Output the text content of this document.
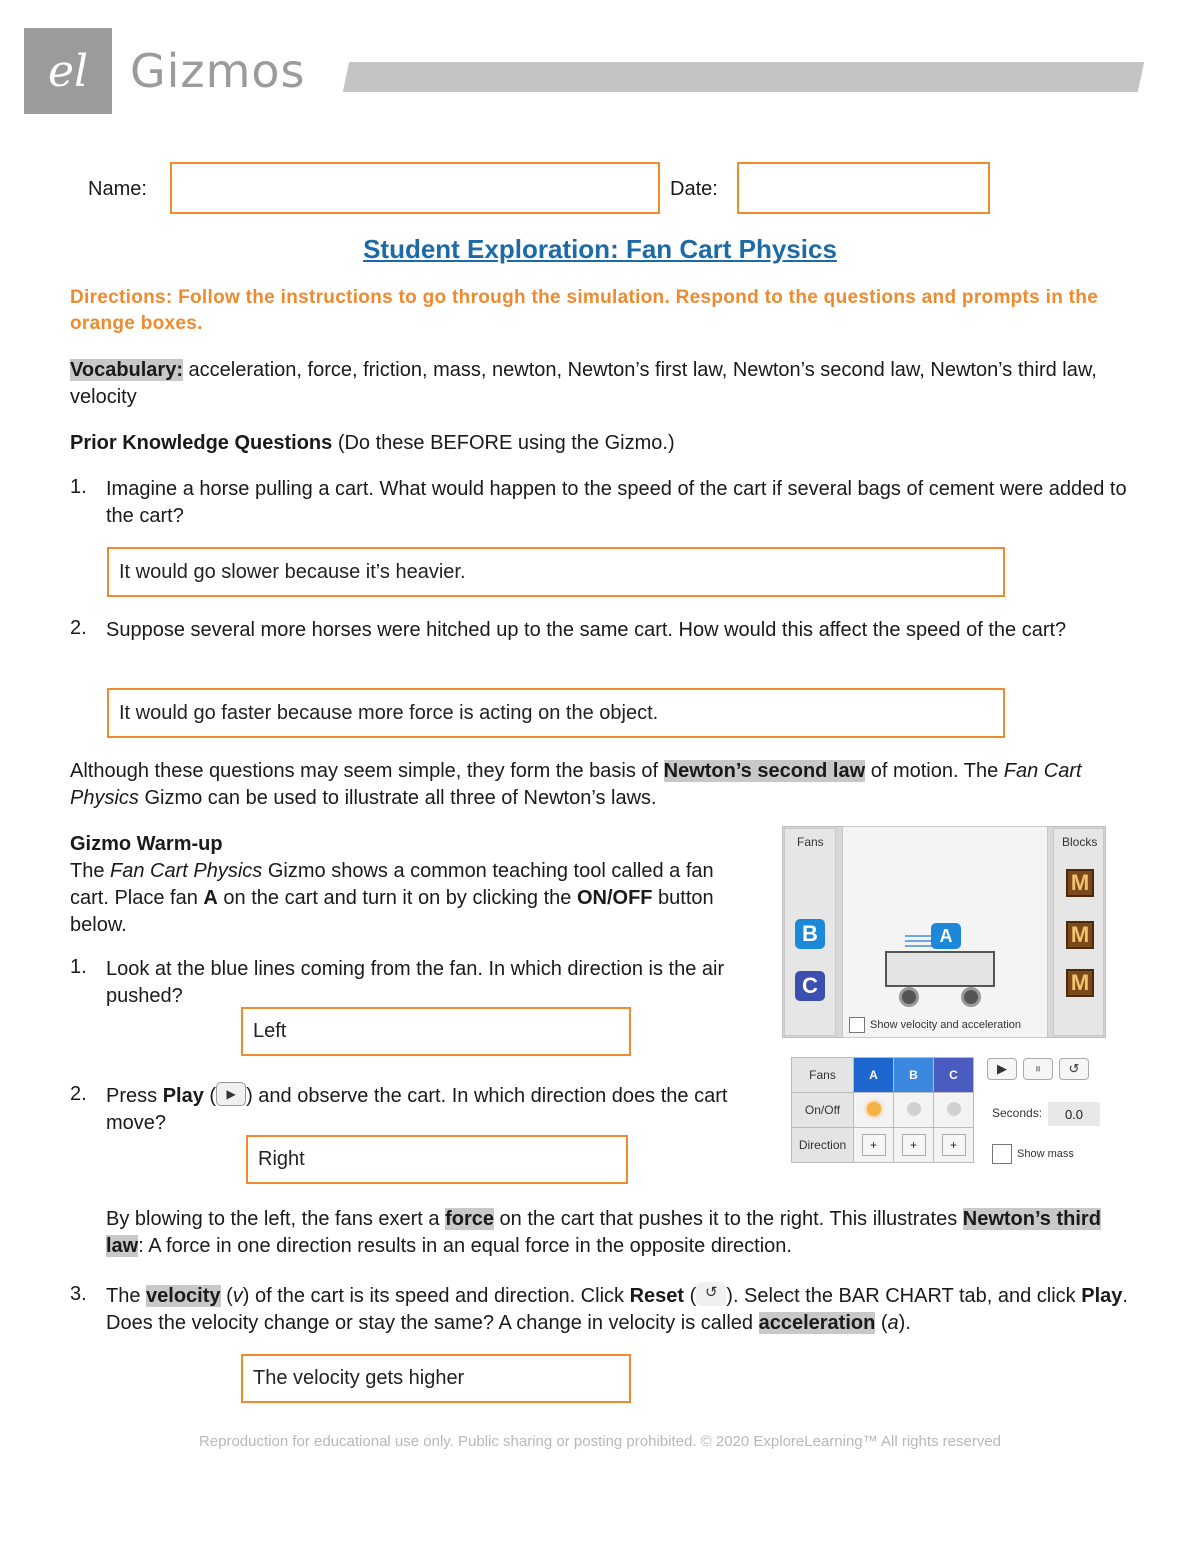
el Gizmos
Name:	Date:
Student Exploration: Fan Cart Physics
Directions: Follow the instructions to go through the simulation. Respond to the questions and prompts in the orange boxes.
Vocabulary: acceleration, force, friction, mass, newton, Newton’s first law, Newton’s second law, Newton’s third law, velocity
Prior Knowledge Questions (Do these BEFORE using the Gizmo.)
1. Imagine a horse pulling a cart. What would happen to the speed of the cart if several bags of cement were added to the cart?
It would go slower because it’s heavier.
2. Suppose several more horses were hitched up to the same cart. How would this affect the speed of the cart?
It would go faster because more force is acting on the object.
Although these questions may seem simple, they form the basis of Newton’s second law of motion. The Fan Cart Physics Gizmo can be used to illustrate all three of Newton’s laws.
Gizmo Warm-up
The Fan Cart Physics Gizmo shows a common teaching tool called a fan cart. Place fan A on the cart and turn it on by clicking the ON/OFF button below.
1. Look at the blue lines coming from the fan. In which direction is the air pushed?
Left
2. Press Play ( ▶ ) and observe the cart. In which direction does the cart move?
Right
By blowing to the left, the fans exert a force on the cart that pushes it to the right. This illustrates Newton’s third law: A force in one direction results in an equal force in the opposite direction.
3. The velocity (v) of the cart is its speed and direction. Click Reset ( ↺ ). Select the BAR CHART tab, and click Play. Does the velocity change or stay the same? A change in velocity is called acceleration (a).
The velocity gets higher
Fans
B
C
A
Show velocity and acceleration
Blocks
M
M
M
Fans	A	B	C
On/Off			
Direction	+	+	+
▶	⏸	↺
Seconds:	0.0
Show mass
Reproduction for educational use only. Public sharing or posting prohibited. © 2020 ExploreLearning™ All rights reserved
